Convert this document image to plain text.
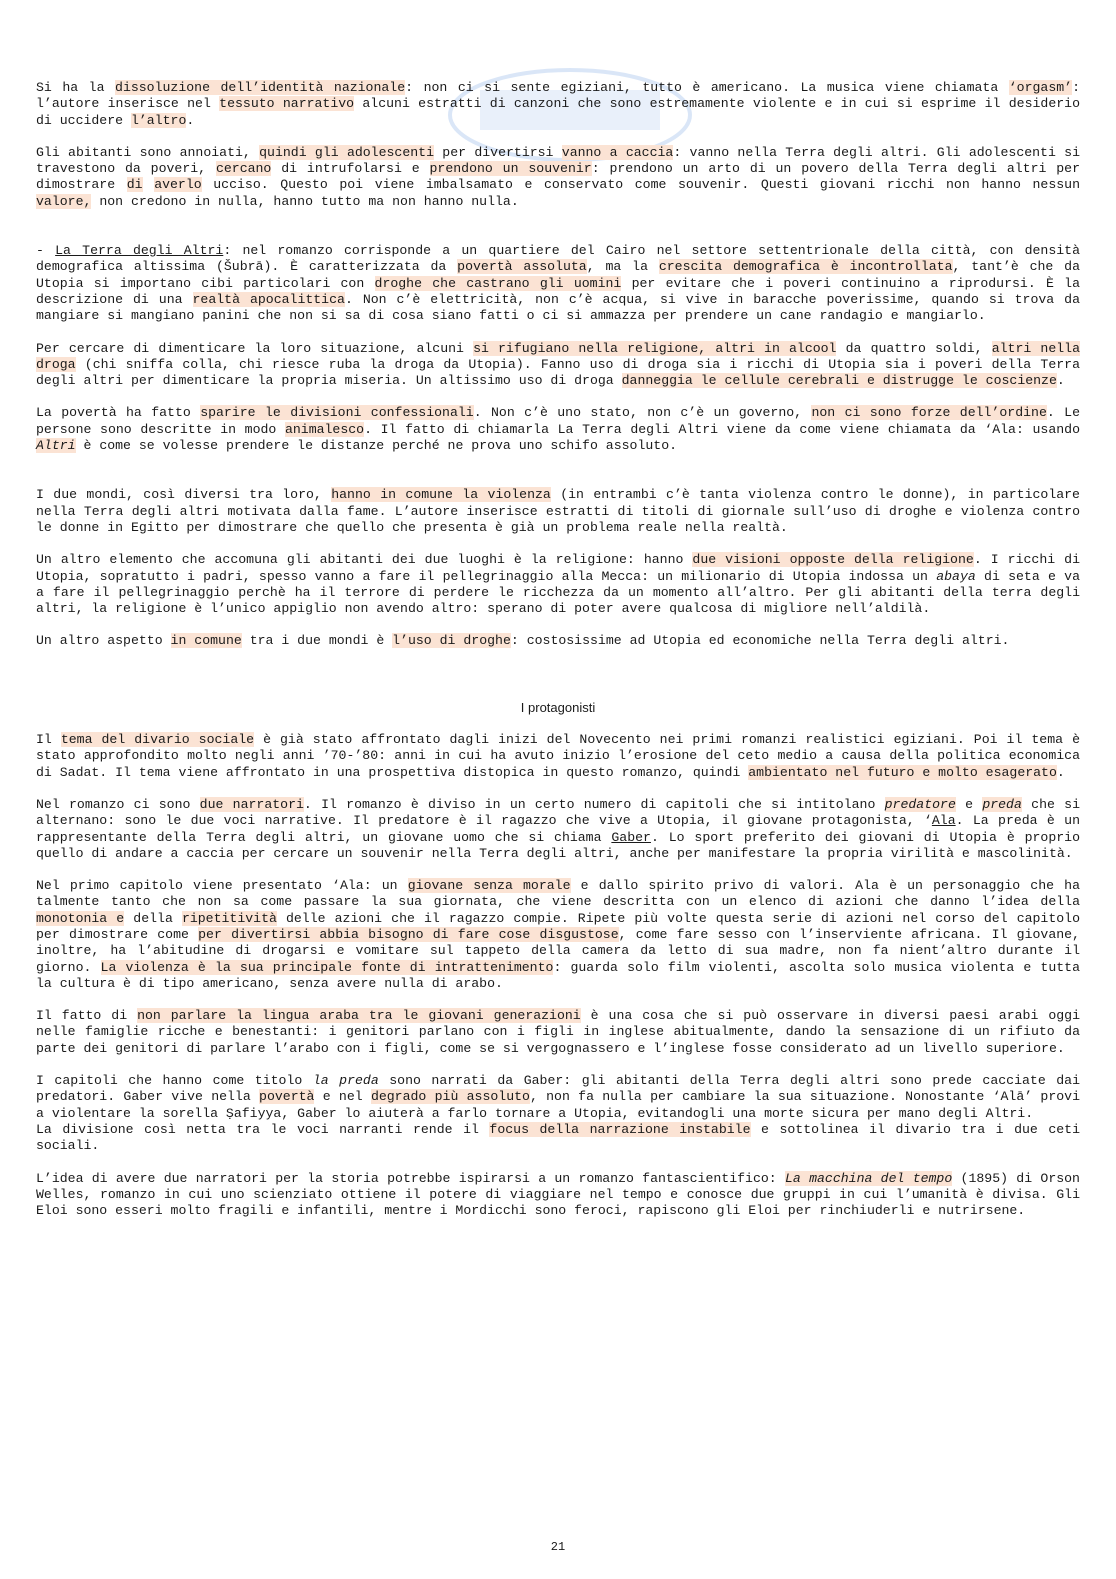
Si ha la dissoluzione dell’identità nazionale: non ci si sente egiziani, tutto è americano. La musica viene chiamata ‘orgasm’: l’autore inserisce nel tessuto narrativo alcuni estratti di canzoni che sono estremamente violente e in cui si esprime il desiderio di uccidere l’altro.

Gli abitanti sono annoiati, quindi gli adolescenti per divertirsi vanno a caccia: vanno nella Terra degli altri. Gli adolescenti si travestono da poveri, cercano di intrufolarsi e prendono un souvenir: prendono un arto di un povero della Terra degli altri per dimostrare di averlo ucciso. Questo poi viene imbalsamato e conservato come souvenir. Questi giovani ricchi non hanno nessun valore, non credono in nulla, hanno tutto ma non hanno nulla.

- La Terra degli Altri: nel romanzo corrisponde a un quartiere del Cairo nel settore settentrionale della città, con densità demografica altissima (Šubrā). È caratterizzata da povertà assoluta, ma la crescita demografica è incontrollata, tant’è che da Utopia si importano cibi particolari con droghe che castrano gli uomini per evitare che i poveri continuino a riprodursi. È la descrizione di una realtà apocalittica. Non c’è elettricità, non c’è acqua, si vive in baracche poverissime, quando si trova da mangiare si mangiano panini che non si sa di cosa siano fatti o ci si ammazza per prendere un cane randagio e mangiarlo.

Per cercare di dimenticare la loro situazione, alcuni si rifugiano nella religione, altri in alcool da quattro soldi, altri nella droga (chi sniffa colla, chi riesce ruba la droga da Utopia). Fanno uso di droga sia i ricchi di Utopia sia i poveri della Terra degli altri per dimenticare la propria miseria. Un altissimo uso di droga danneggia le cellule cerebrali e distrugge le coscienze.

La povertà ha fatto sparire le divisioni confessionali. Non c’è uno stato, non c’è un governo, non ci sono forze dell’ordine. Le persone sono descritte in modo animalesco. Il fatto di chiamarla La Terra degli Altri viene da come viene chiamata da ‘Ala: usando Altri è come se volesse prendere le distanze perché ne prova uno schifo assoluto.

I due mondi, così diversi tra loro, hanno in comune la violenza (in entrambi c’è tanta violenza contro le donne), in particolare nella Terra degli altri motivata dalla fame. L’autore inserisce estratti di titoli di giornale sull’uso di droghe e violenza contro le donne in Egitto per dimostrare che quello che presenta è già un problema reale nella realtà.

Un altro elemento che accomuna gli abitanti dei due luoghi è la religione: hanno due visioni opposte della religione. I ricchi di Utopia, sopratutto i padri, spesso vanno a fare il pellegrinaggio alla Mecca: un milionario di Utopia indossa un abaya di seta e va a fare il pellegrinaggio perchè ha il terrore di perdere le ricchezza da un momento all’altro. Per gli abitanti della terra degli altri, la religione è l’unico appiglio non avendo altro: sperano di poter avere qualcosa di migliore nell’aldilà.

Un altro aspetto in comune tra i due mondi è l’uso di droghe: costosissime ad Utopia ed economiche nella Terra degli altri.

I protagonisti

Il tema del divario sociale è già stato affrontato dagli inizi del Novecento nei primi romanzi realistici egiziani. Poi il tema è stato approfondito molto negli anni ’70-’80: anni in cui ha avuto inizio l’erosione del ceto medio a causa della politica economica di Sadat. Il tema viene affrontato in una prospettiva distopica in questo romanzo, quindi ambientato nel futuro e molto esagerato.

Nel romanzo ci sono due narratori. Il romanzo è diviso in un certo numero di capitoli che si intitolano predatore e preda che si alternano: sono le due voci narrative. Il predatore è il ragazzo che vive a Utopia, il giovane protagonista, ‘Ala. La preda è un rappresentante della Terra degli altri, un giovane uomo che si chiama Gaber. Lo sport preferito dei giovani di Utopia è proprio quello di andare a caccia per cercare un souvenir nella Terra degli altri, anche per manifestare la propria virilità e mascolinità.

Nel primo capitolo viene presentato ‘Ala: un giovane senza morale e dallo spirito privo di valori. Ala è un personaggio che ha talmente tanto che non sa come passare la sua giornata, che viene descritta con un elenco di azioni che danno l’idea della monotonia e della ripetitività delle azioni che il ragazzo compie. Ripete più volte questa serie di azioni nel corso del capitolo per dimostrare come per divertirsi abbia bisogno di fare cose disgustose, come fare sesso con l’inserviente africana. Il giovane, inoltre, ha l’abitudine di drogarsi e vomitare sul tappeto della camera da letto di sua madre, non fa nient’altro durante il giorno. La violenza è la sua principale fonte di intrattenimento: guarda solo film violenti, ascolta solo musica violenta e tutta la cultura è di tipo americano, senza avere nulla di arabo.

Il fatto di non parlare la lingua araba tra le giovani generazioni è una cosa che si può osservare in diversi paesi arabi oggi nelle famiglie ricche e benestanti: i genitori parlano con i figli in inglese abitualmente, dando la sensazione di un rifiuto da parte dei genitori di parlare l’arabo con i figli, come se si vergognassero e l’inglese fosse considerato ad un livello superiore.

I capitoli che hanno come titolo la preda sono narrati da Gaber: gli abitanti della Terra degli altri sono prede cacciate dai predatori. Gaber vive nella povertà e nel degrado più assoluto, non fa nulla per cambiare la sua situazione. Nonostante ‘Alā’ provi a violentare la sorella Ṣafiyya, Gaber lo aiuterà a farlo tornare a Utopia, evitandogli una morte sicura per mano degli Altri.
La divisione così netta tra le voci narranti rende il focus della narrazione instabile e sottolinea il divario tra i due ceti sociali.

L’idea di avere due narratori per la storia potrebbe ispirarsi a un romanzo fantascientifico: La macchina del tempo (1895) di Orson Welles, romanzo in cui uno scienziato ottiene il potere di viaggiare nel tempo e conosce due gruppi in cui l’umanità è divisa. Gli Eloi sono esseri molto fragili e infantili, mentre i Mordicchi sono feroci, rapiscono gli Eloi per rinchiuderli e nutrirsene.

21
